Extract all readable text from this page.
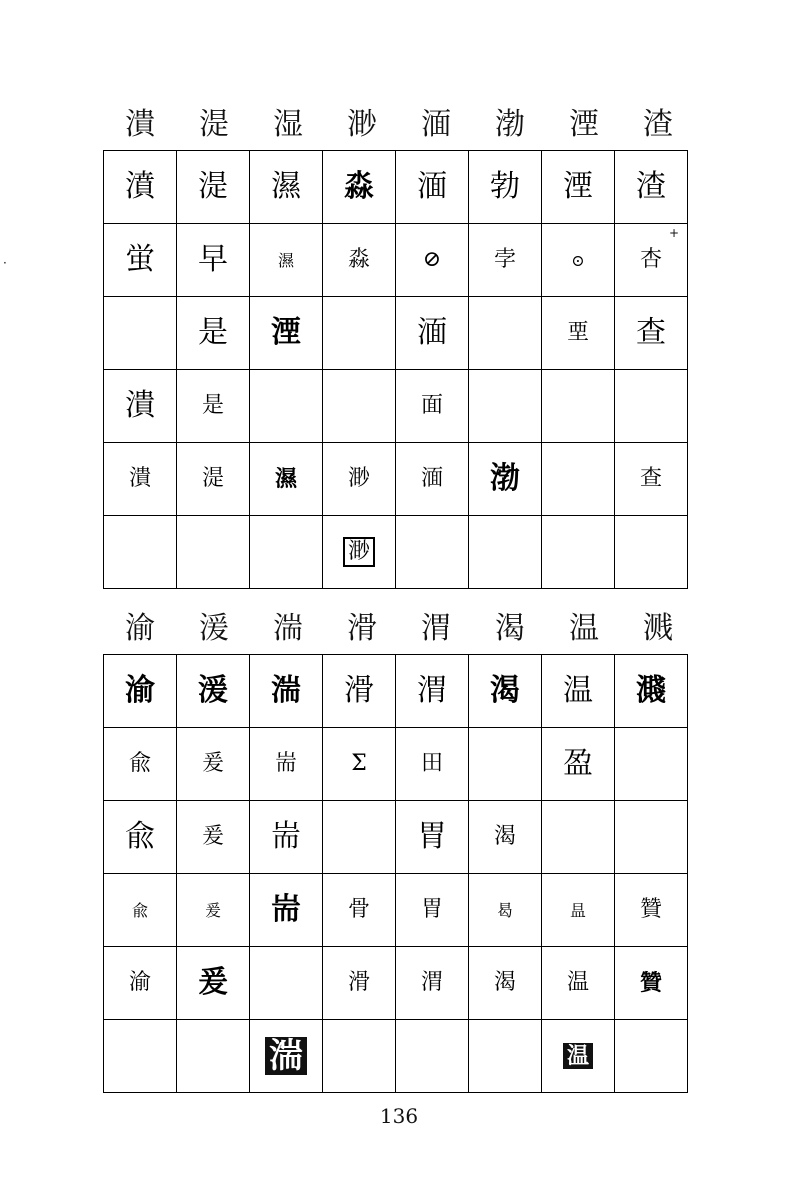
潰	湜	湿	渺	湎	渤	湮	渣
濆	湜	濕	淼	湎	勃	湮	渣
蛍	早	濕	淼	⊘	孛	⊙	杏
+

	是	湮		湎		垔	查
潰	是			面			
潰	湜	濕	渺	湎	渤		查
			渺				
渝	湲	湍	滑	渭	渴	温	溅
渝	湲	湍	滑	渭	渴	温	濺
兪	爰	耑	Σ	田		盈	
兪	爰	耑		胃	渴		
兪	爰	耑	骨	胃	曷	昷	贊
渝	爰		滑	渭	渴	温	贊
		湍				温	
·
136
